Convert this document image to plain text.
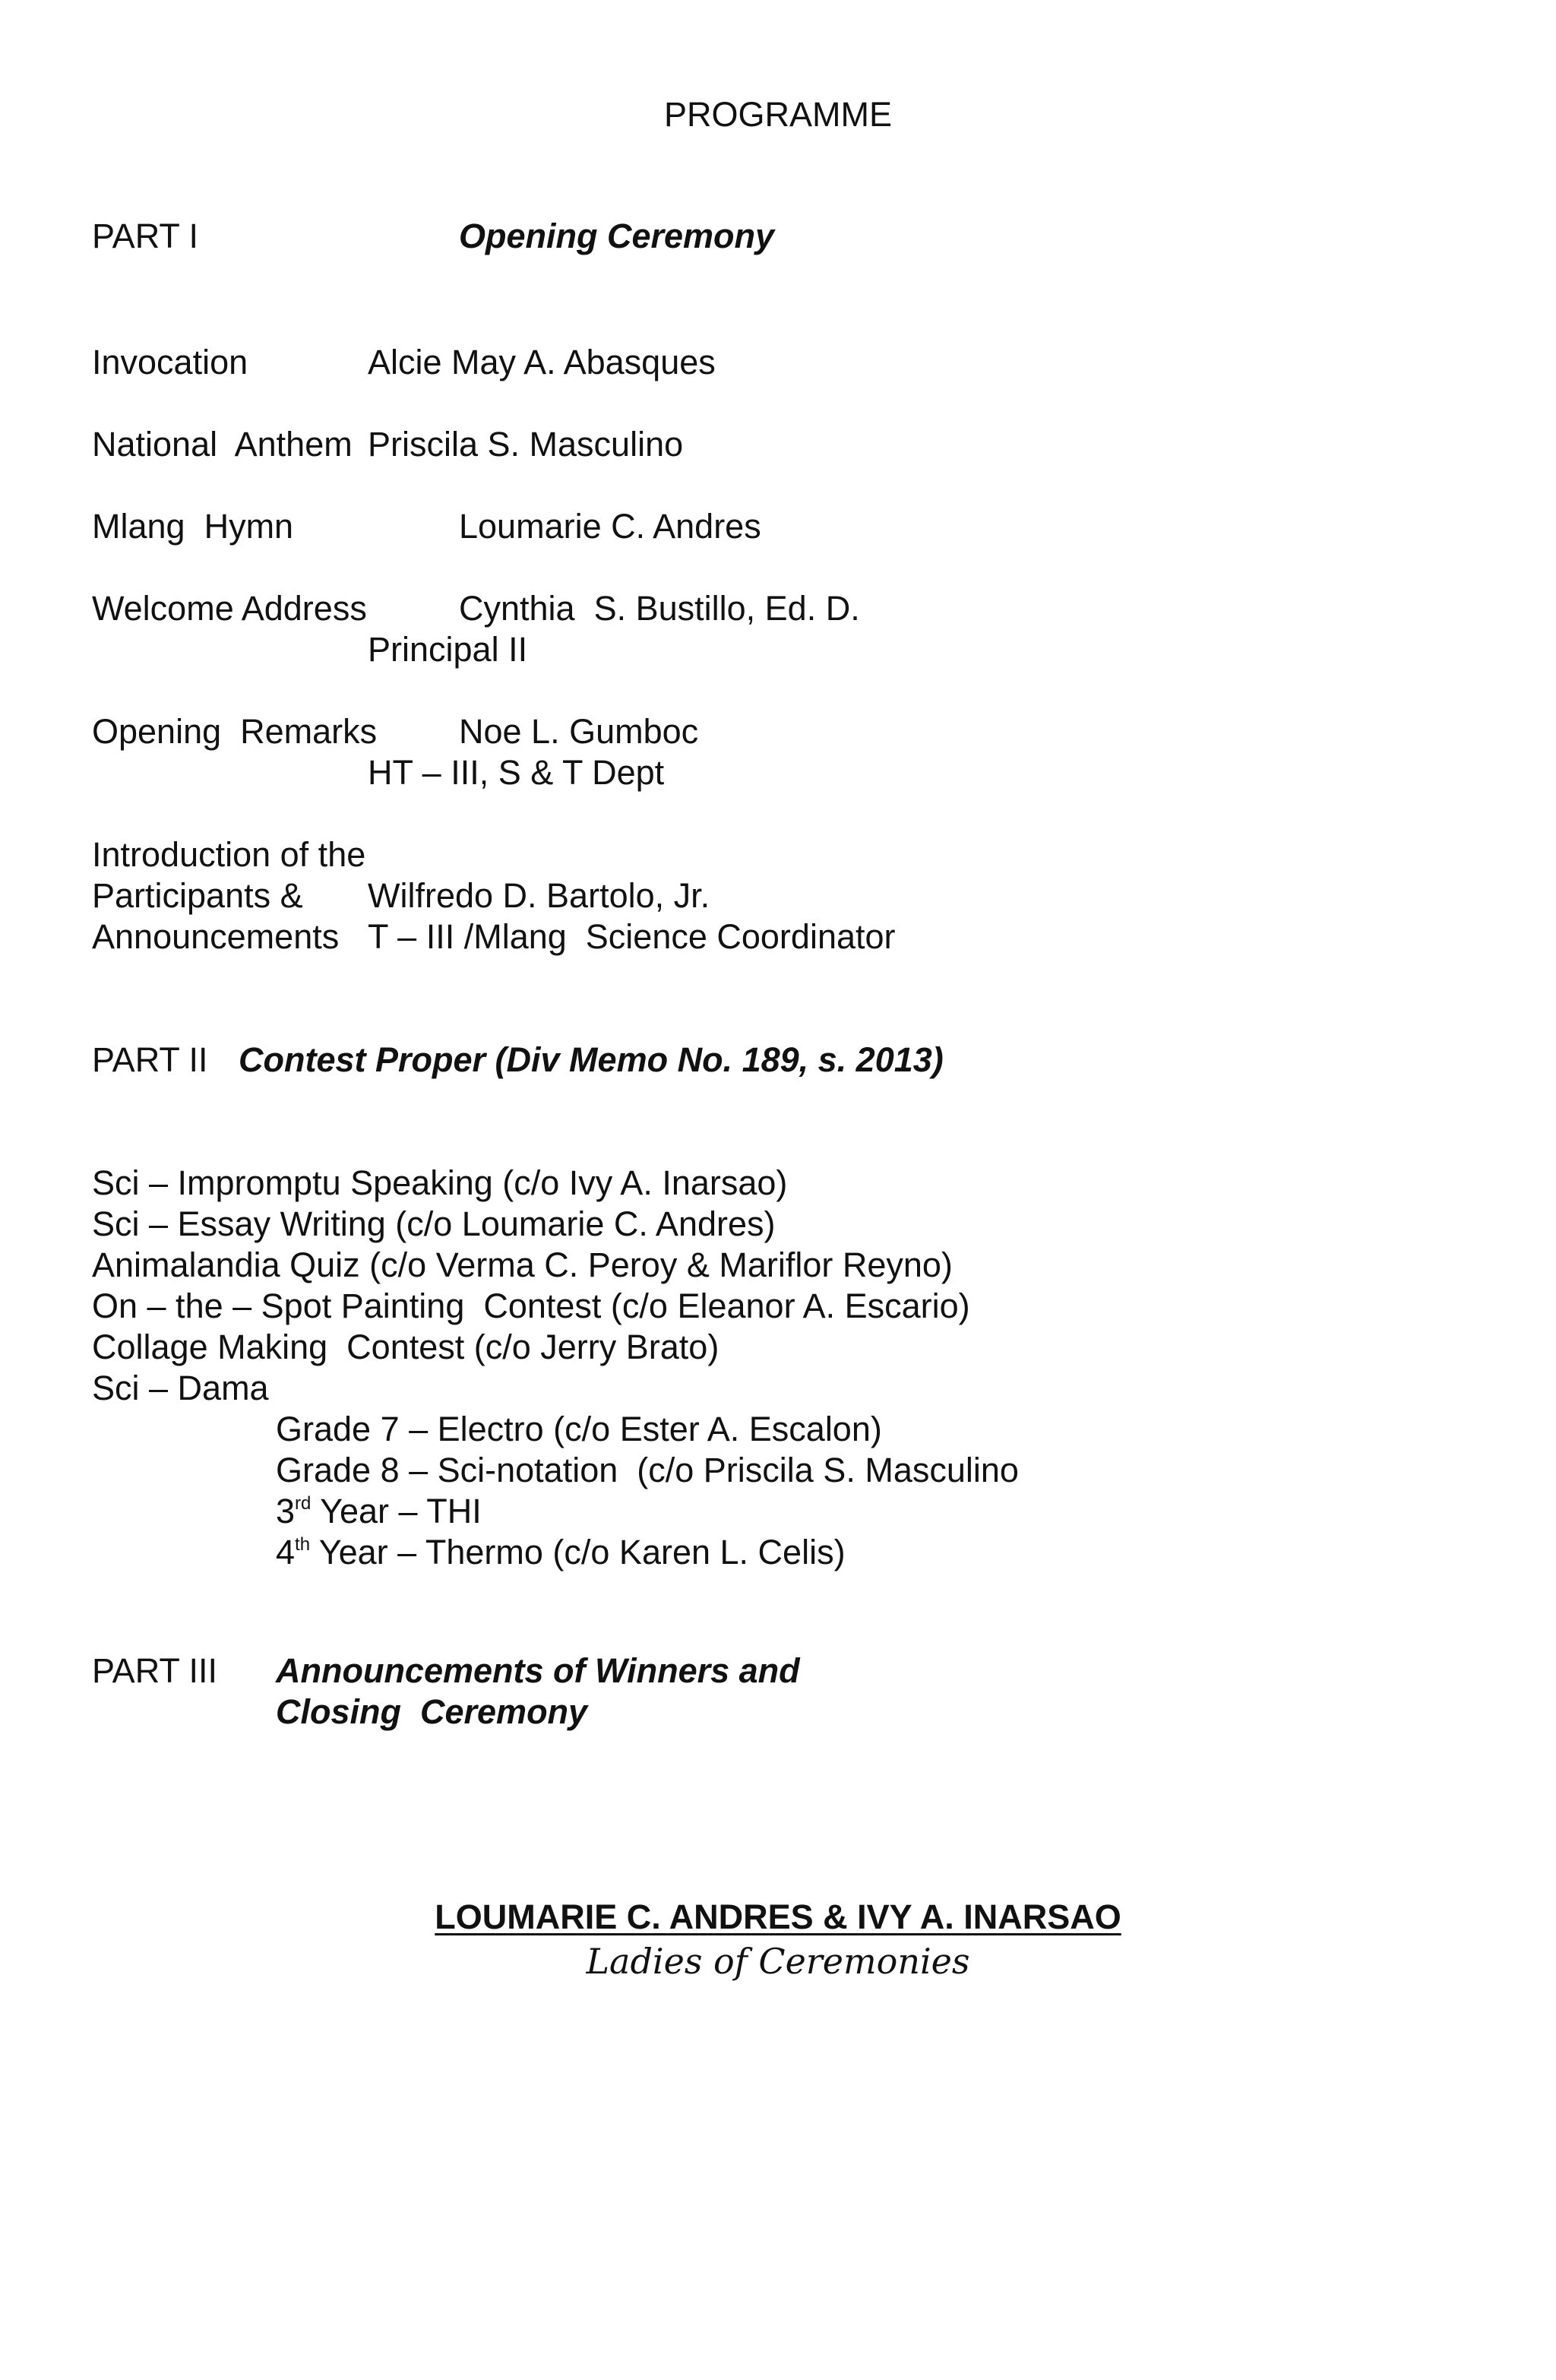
PROGRAMME
PART I	Opening Ceremony
Invocation	Alcie May A. Abasques
National  Anthem Priscila S. Masculino
Mlang  Hymn	Loumarie C. Andres
Welcome Address	Cynthia  S. Bustillo, Ed. D.
Principal II
Opening  Remarks Noe L. Gumboc
HT – III, S & T Dept
Introduction of the
Participants & Wilfredo D. Bartolo, Jr.
Announcements T – III /Mlang  Science Coordinator
PART II Contest Proper (Div Memo No. 189, s. 2013)
Sci – Impromptu Speaking (c/o Ivy A. Inarsao)
Sci – Essay Writing (c/o Loumarie C. Andres)
Animalandia Quiz (c/o Verma C. Peroy & Mariflor Reyno)
On – the – Spot Painting  Contest (c/o Eleanor A. Escario)
Collage Making  Contest (c/o Jerry Brato)
Sci – Dama
Grade 7 – Electro (c/o Ester A. Escalon)
Grade 8 – Sci-notation  (c/o Priscila S. Masculino
3rd Year – THI
4th Year – Thermo (c/o Karen L. Celis)
PART III Announcements of Winners and
Closing  Ceremony
LOUMARIE C. ANDRES & IVY A. INARSAO
Ladies of Ceremonies
